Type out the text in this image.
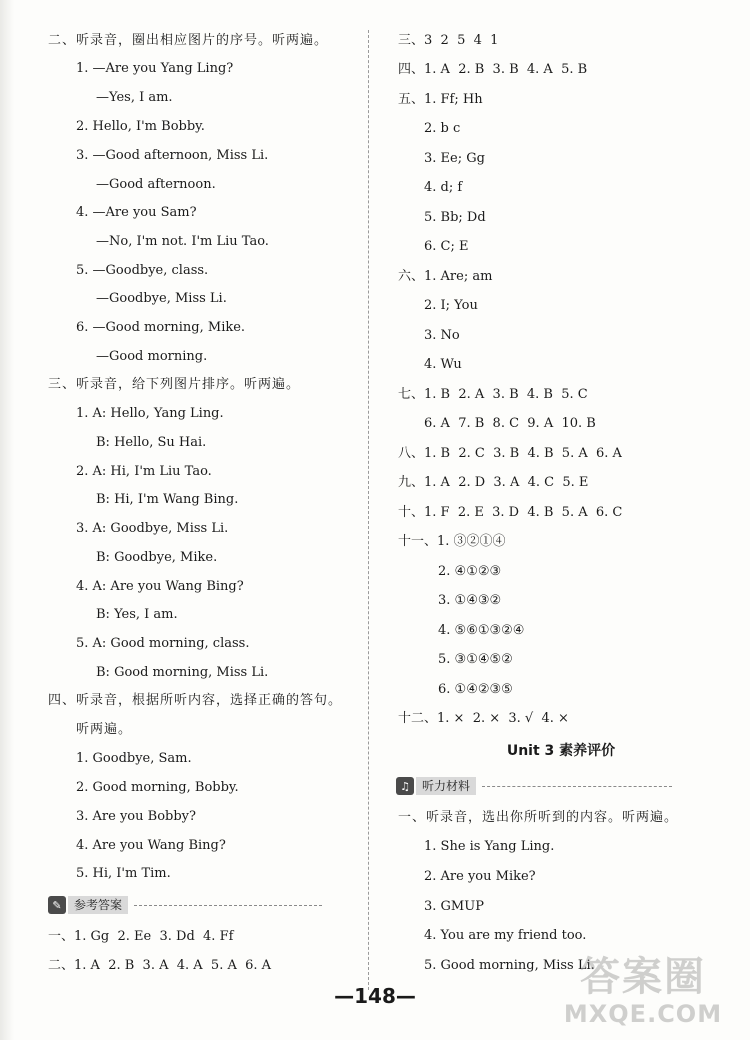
二、听录音，圈出相应图片的序号。听两遍。
1. —Are you Yang Ling?
—Yes, I am.
2. Hello, I'm Bobby.
3. —Good afternoon, Miss Li.
—Good afternoon.
4. —Are you Sam?
—No, I'm not. I'm Liu Tao.
5. —Goodbye, class.
—Goodbye, Miss Li.
6. —Good morning, Mike.
—Good morning.
三、听录音，给下列图片排序。听两遍。
1. A: Hello, Yang Ling.
B: Hello, Su Hai.
2. A: Hi, I'm Liu Tao.
B: Hi, I'm Wang Bing.
3. A: Goodbye, Miss Li.
B: Goodbye, Mike.
4. A: Are you Wang Bing?
B: Yes, I am.
5. A: Good morning, class.
B: Good morning, Miss Li.
四、听录音，根据所听内容，选择正确的答句。
听两遍。
1. Goodbye, Sam.
2. Good morning, Bobby.
3. Are you Bobby?
4. Are you Wang Bing?
5. Hi, I'm Tim.
✎	参考答案
一、1. Gg  2. Ee  3. Dd  4. Ff
二、1. A  2. B  3. A  4. A  5. A  6. A
三、3  2  5  4  1
四、1. A  2. B  3. B  4. A  5. B
五、1. Ff; Hh
2. b c
3. Ee; Gg
4. d; f
5. Bb; Dd
6. C; E
六、1. Are; am
2. I; You
3. No
4. Wu
七、1. B  2. A  3. B  4. B  5. C
6. A  7. B  8. C  9. A  10. B
八、1. B  2. C  3. B  4. B  5. A  6. A
九、1. A  2. D  3. A  4. C  5. E
十、1. F  2. E  3. D  4. B  5. A  6. C
十一、1. ③②①④
2. ④①②③
3. ①④③②
4. ⑤⑥①③②④
5. ③①④⑤②
6. ①④②③⑤
十二、1. ×  2. ×  3. √  4. ×
Unit 3 素养评价
♫	听力材料
一、听录音，选出你所听到的内容。听两遍。
1. She is Yang Ling.
2. Are you Mike?
3. GMUP
4. You are my friend too.
5. Good morning, Miss Li.
—148—	答案圈
MXQE.COM
